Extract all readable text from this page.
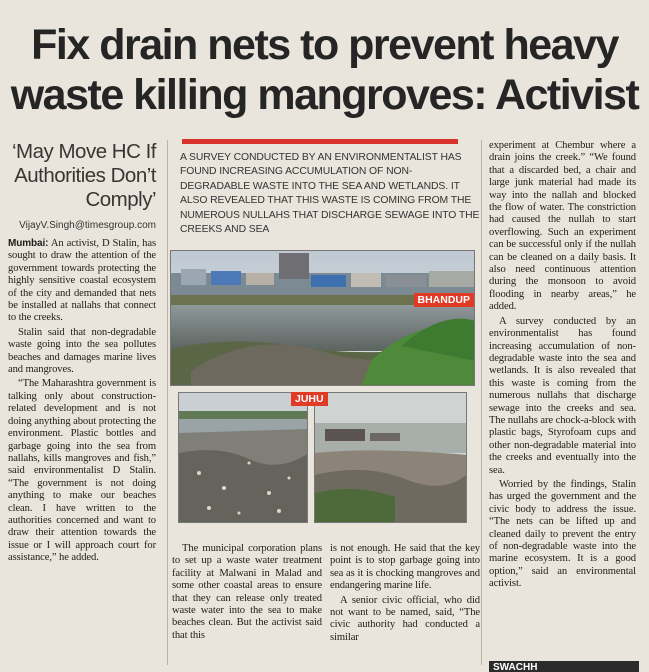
Fix drain nets to prevent heavy
waste killing mangroves: Activist
‘May Move HC If Authorities Don’t Comply’
VijayV.Singh@timesgroup.com

Mumbai: An activist, D Stalin, has sought to draw the attention of the government towards protecting the highly sensitive coastal ecosystem of the city and demanded that nets be installed at nallahs that connect to the creeks.

Stalin said that non-degradable waste going into the sea pollutes beaches and damages marine lives and mangroves.

“The Maharashtra government is talking only about construction-related development and is not doing anything about protecting the environment. Plastic bottles and garbage going into the sea from nallahs, kills mangroves and fish,” said environmentalist D Stalin. “The government is not doing anything to make our beaches clean. I have written to the authorities concerned and want to draw their attention towards the issue or I will approach court for assistance,” he added.

A SURVEY CONDUCTED BY AN ENVIRONMENTALIST HAS FOUND INCREASING ACCUMULATION OF NON-DEGRADABLE WASTE INTO THE SEA AND WETLANDS. IT ALSO REVEALED THAT THIS WASTE IS COMING FROM THE NUMEROUS NULLAHS THAT DISCHARGE SEWAGE INTO THE CREEKS AND SEA
BHANDUP
JUHU

The municipal corporation plans to set up a waste water treatment facility at Malwani in Malad and some other coastal areas to ensure that they can release only treated waste water into the sea to make beaches clean. But the activist said that this

is not enough. He said that the key point is to stop garbage going into sea as it is chocking mangroves and endangering marine life.

A senior civic official, who did not want to be named, said, “The civic authority had conducted a similar

experiment at Chembur where a drain joins the creek.” “We found that a discarded bed, a chair and large junk material had made its way into the nallah and blocked the flow of water. The constriction had caused the nullah to start overflowing. Such an experiment can be successful only if the nullah can be cleaned on a daily basis. It also need continuous attention during the monsoon to avoid flooding in nearby areas,” he added.

A survey conducted by an environmentalist has found increasing accumulation of non-degradable waste into the sea and wetlands. It is also revealed that this waste is coming from the numerous nullahs that discharge sewage into the creeks and sea. The nullahs are chock-a-block with plastic bags, Styrofoam cups and other non-degradable material into the creeks and eventually into the sea.

Worried by the findings, Stalin has urged the government and the civic body to address the issue. “The nets can be lifted up and cleaned daily to prevent the entry of non-degradable waste into the marine ecosystem. It is a good option,” said an environmental activist.

SWACHH
